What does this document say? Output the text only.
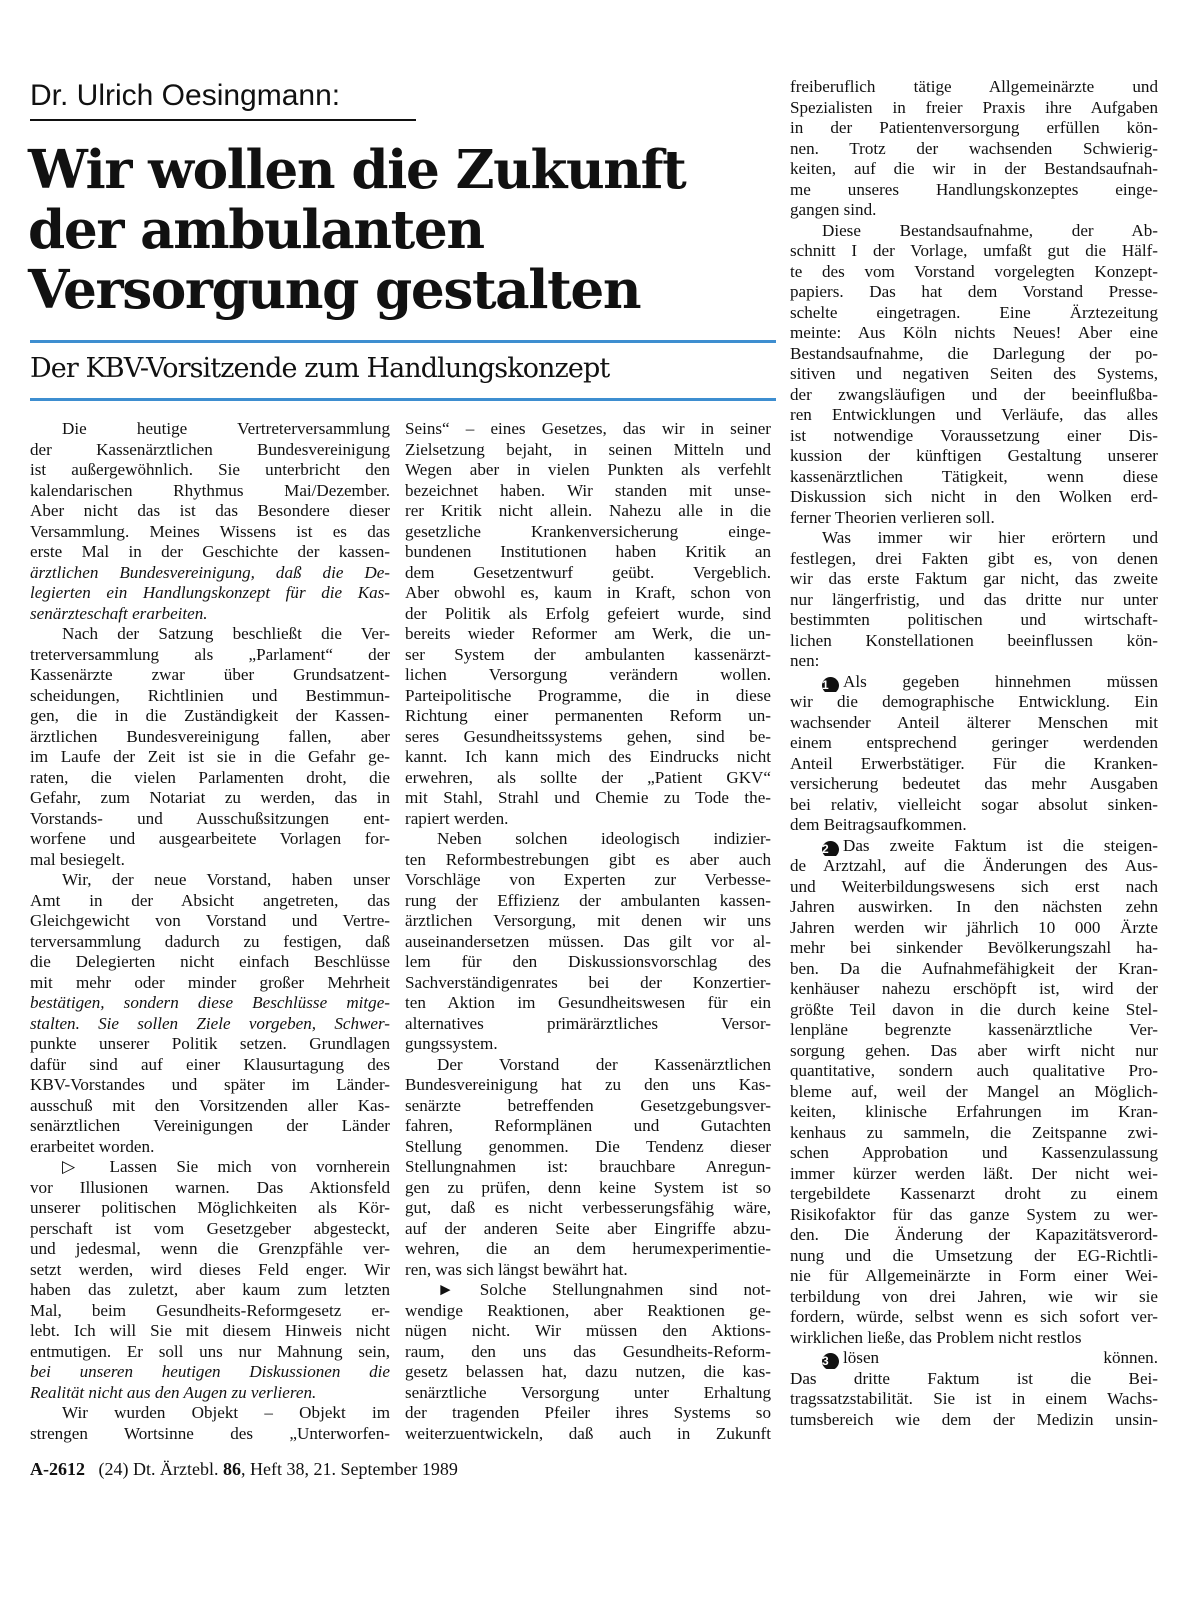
Dr. Ulrich Oesingmann:
Wir wollen die Zukunft
der ambulanten
Versorgung gestalten
Der KBV-Vorsitzende zum Handlungskonzept
Die heutige Vertreterversammlung
der Kassenärztlichen Bundesvereinigung
ist außergewöhnlich. Sie unterbricht den
kalendarischen Rhythmus Mai/Dezember.
Aber nicht das ist das Besondere dieser
Versammlung. Meines Wissens ist es das
erste Mal in der Geschichte der kassen-
ärztlichen Bundesvereinigung, daß die De-
legierten ein Handlungskonzept für die Kas-
senärzteschaft erarbeiten.
Nach der Satzung beschließt die Ver-
treterversammlung als „Parlament“ der
Kassenärzte zwar über Grundsatzent-
scheidungen, Richtlinien und Bestimmun-
gen, die in die Zuständigkeit der Kassen-
ärztlichen Bundesvereinigung fallen, aber
im Laufe der Zeit ist sie in die Gefahr ge-
raten, die vielen Parlamenten droht, die
Gefahr, zum Notariat zu werden, das in
Vorstands- und Ausschußsitzungen ent-
worfene und ausgearbeitete Vorlagen for-
mal besiegelt.
Wir, der neue Vorstand, haben unser
Amt in der Absicht angetreten, das
Gleichgewicht von Vorstand und Vertre-
terversammlung dadurch zu festigen, daß
die Delegierten nicht einfach Beschlüsse
mit mehr oder minder großer Mehrheit
bestätigen, sondern diese Beschlüsse mitge-
stalten. Sie sollen Ziele vorgeben, Schwer-
punkte unserer Politik setzen. Grundlagen
dafür sind auf einer Klausurtagung des
KBV-Vorstandes und später im Länder-
ausschuß mit den Vorsitzenden aller Kas-
senärztlichen Vereinigungen der Länder
erarbeitet worden.
▷ Lassen Sie mich von vornherein
vor Illusionen warnen. Das Aktionsfeld
unserer politischen Möglichkeiten als Kör-
perschaft ist vom Gesetzgeber abgesteckt,
und jedesmal, wenn die Grenzpfähle ver-
setzt werden, wird dieses Feld enger. Wir
haben das zuletzt, aber kaum zum letzten
Mal, beim Gesundheits-Reformgesetz er-
lebt. Ich will Sie mit diesem Hinweis nicht
entmutigen. Er soll uns nur Mahnung sein,
bei unseren heutigen Diskussionen die
Realität nicht aus den Augen zu verlieren.
Wir wurden Objekt – Objekt im
strengen Wortsinne des „Unterworfen-
Seins“ – eines Gesetzes, das wir in seiner
Zielsetzung bejaht, in seinen Mitteln und
Wegen aber in vielen Punkten als verfehlt
bezeichnet haben. Wir standen mit unse-
rer Kritik nicht allein. Nahezu alle in die
gesetzliche Krankenversicherung einge-
bundenen Institutionen haben Kritik an
dem Gesetzentwurf geübt. Vergeblich.
Aber obwohl es, kaum in Kraft, schon von
der Politik als Erfolg gefeiert wurde, sind
bereits wieder Reformer am Werk, die un-
ser System der ambulanten kassenärzt-
lichen Versorgung verändern wollen.
Parteipolitische Programme, die in diese
Richtung einer permanenten Reform un-
seres Gesundheitssystems gehen, sind be-
kannt. Ich kann mich des Eindrucks nicht
erwehren, als sollte der „Patient GKV“
mit Stahl, Strahl und Chemie zu Tode the-
rapiert werden.
Neben solchen ideologisch indizier-
ten Reformbestrebungen gibt es aber auch
Vorschläge von Experten zur Verbesse-
rung der Effizienz der ambulanten kassen-
ärztlichen Versorgung, mit denen wir uns
auseinandersetzen müssen. Das gilt vor al-
lem für den Diskussionsvorschlag des
Sachverständigenrates bei der Konzertier-
ten Aktion im Gesundheitswesen für ein
alternatives primärärztliches Versor-
gungssystem.
Der Vorstand der Kassenärztlichen
Bundesvereinigung hat zu den uns Kas-
senärzte betreffenden Gesetzgebungsver-
fahren, Reformplänen und Gutachten
Stellung genommen. Die Tendenz dieser
Stellungnahmen ist: brauchbare Anregun-
gen zu prüfen, denn keine System ist so
gut, daß es nicht verbesserungsfähig wäre,
auf der anderen Seite aber Eingriffe abzu-
wehren, die an dem herumexperimentie-
ren, was sich längst bewährt hat.
► Solche Stellungnahmen sind not-
wendige Reaktionen, aber Reaktionen ge-
nügen nicht. Wir müssen den Aktions-
raum, den uns das Gesundheits-Reform-
gesetz belassen hat, dazu nutzen, die kas-
senärztliche Versorgung unter Erhaltung
der tragenden Pfeiler ihres Systems so
weiterzuentwickeln, daß auch in Zukunft
freiberuflich tätige Allgemeinärzte und
Spezialisten in freier Praxis ihre Aufgaben
in der Patientenversorgung erfüllen kön-
nen. Trotz der wachsenden Schwierig-
keiten, auf die wir in der Bestandsaufnah-
me unseres Handlungskonzeptes einge-
gangen sind.
Diese Bestandsaufnahme, der Ab-
schnitt I der Vorlage, umfaßt gut die Hälf-
te des vom Vorstand vorgelegten Konzept-
papiers. Das hat dem Vorstand Presse-
schelte eingetragen. Eine Ärztezeitung
meinte: Aus Köln nichts Neues! Aber eine
Bestandsaufnahme, die Darlegung der po-
sitiven und negativen Seiten des Systems,
der zwangsläufigen und der beeinflußba-
ren Entwicklungen und Verläufe, das alles
ist notwendige Voraussetzung einer Dis-
kussion der künftigen Gestaltung unserer
kassenärztlichen Tätigkeit, wenn diese
Diskussion sich nicht in den Wolken erd-
ferner Theorien verlieren soll.
Was immer wir hier erörtern und
festlegen, drei Fakten gibt es, von denen
wir das erste Faktum gar nicht, das zweite
nur längerfristig, und das dritte nur unter
bestimmten politischen und wirtschaft-
lichen Konstellationen beeinflussen kön-
nen:
1 Als gegeben hinnehmen müssen
wir die demographische Entwicklung. Ein
wachsender Anteil älterer Menschen mit
einem entsprechend geringer werdenden
Anteil Erwerbstätiger. Für die Kranken-
versicherung bedeutet das mehr Ausgaben
bei relativ, vielleicht sogar absolut sinken-
dem Beitragsaufkommen.
2 Das zweite Faktum ist die steigen-
de Arztzahl, auf die Änderungen des Aus-
und Weiterbildungswesens sich erst nach
Jahren auswirken. In den nächsten zehn
Jahren werden wir jährlich 10 000 Ärzte
mehr bei sinkender Bevölkerungszahl ha-
ben. Da die Aufnahmefähigkeit der Kran-
kenhäuser nahezu erschöpft ist, wird der
größte Teil davon in die durch keine Stel-
lenpläne begrenzte kassenärztliche Ver-
sorgung gehen. Das aber wirft nicht nur
quantitative, sondern auch qualitative Pro-
bleme auf, weil der Mangel an Möglich-
keiten, klinische Erfahrungen im Kran-
kenhaus zu sammeln, die Zeitspanne zwi-
schen Approbation und Kassenzulassung
immer kürzer werden läßt. Der nicht wei-
tergebildete Kassenarzt droht zu einem
Risikofaktor für das ganze System zu wer-
den. Die Änderung der Kapazitätsverord-
nung und die Umsetzung der EG-Richtli-
nie für Allgemeinärzte in Form einer Wei-
terbildung von drei Jahren, wie wir sie
fordern, würde, selbst wenn es sich sofort ver-
wirklichen ließe, das Problem nicht restlos
3 lösen können.
Das dritte Faktum ist die Bei-
tragssatzstabilität. Sie ist in einem Wachs-
tumsbereich wie dem der Medizin unsin-

A-2612 (24) Dt. Ärztebl. 86, Heft 38, 21. September 1989
